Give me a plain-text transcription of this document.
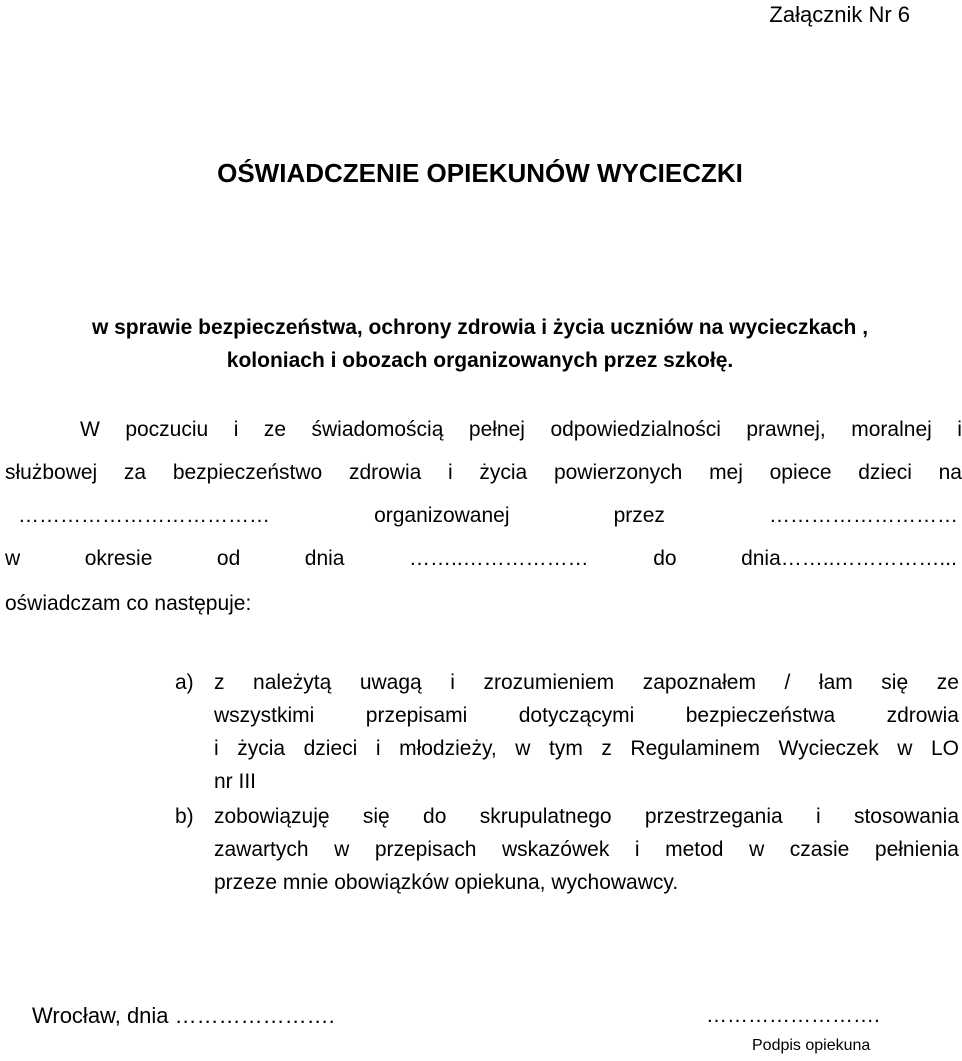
Załącznik Nr 6
OŚWIADCZENIE OPIEKUNÓW WYCIECZKI
w sprawie bezpieczeństwa, ochrony zdrowia i życia uczniów na wycieczkach ,
koloniach i obozach organizowanych przez szkołę.
W poczuciu i ze świadomością pełnej odpowiedzialności prawnej, moralnej i
służbowej za bezpieczeństwo zdrowia i życia powierzonych mej opiece dzieci na
………………………………	organizowanej	przez	………………………
w	okresie	od	dnia	……..………………	do	dnia……..……………...
oświadczam co następuje:
a) z należytą uwagą i zrozumieniem zapoznałem / łam się ze
wszystkimi przepisami dotyczącymi bezpieczeństwa zdrowia
i życia dzieci i młodzieży, w tym z Regulaminem Wycieczek w LO
nr III
b) zobowiązuję się do skrupulatnego przestrzegania i stosowania
zawartych w przepisach wskazówek i metod w czasie pełnienia
przeze mnie obowiązków opiekuna, wychowawcy.
Wrocław, dnia ………………….	…………………….
Podpis opiekuna
